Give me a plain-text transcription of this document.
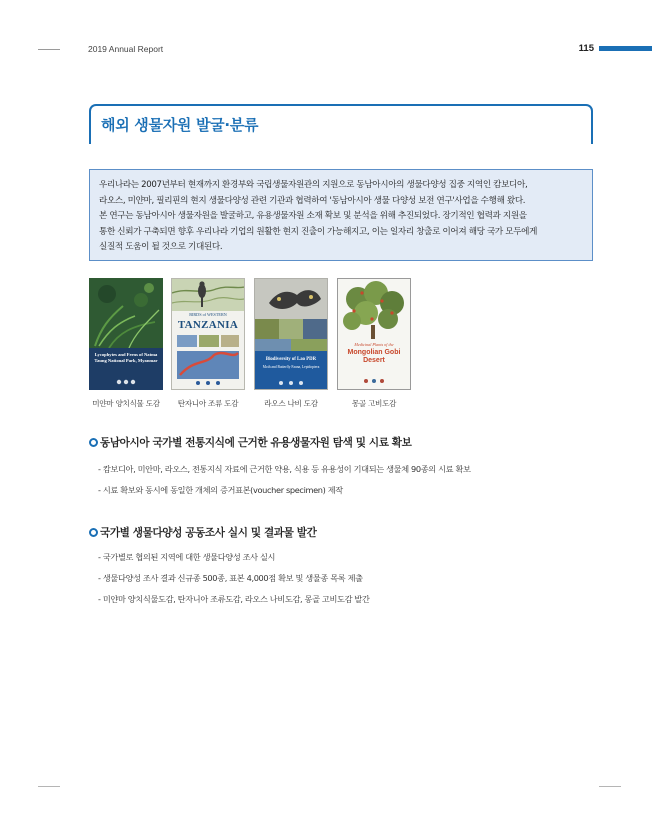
2019 Annual Report	115
해외 생물자원 발굴·분류
우리나라는 2007년부터 현재까지 환경부와 국립생물자원관의 지원으로 동남아시아의 생물다양성 집중 지역인 캄보디아,
라오스, 미얀마, 필리핀의 현지 생물다양성 관련 기관과 협력하여 '동남아시아 생물 다양성 보전 연구'사업을 수행해 왔다.
본 연구는 동남아시아 생물자원을 발굴하고, 유용생물자원 소재 확보 및 분석을 위해 추진되었다. 장기적인 협력과 지원을
통한 신뢰가 구축되면 향후 우리나라 기업의 원활한 현지 진출이 가능해지고, 이는 일자리 창출로 이어져 해당 국가 모두에게
실질적 도움이 될 것으로 기대된다.
Lycophytes and Ferns of Natma Taung National Park, Myanmar
BIRDS of WESTERN
TANZANIA
Biodiversity of Lao PDR
Moth and Butterfly Fauna, Lepidoptera
Medicinal Plants of the
Mongolian Gobi Desert
미얀마 양치식물 도감	탄자니아 조류 도감	라오스 나비 도감	몽골 고비도감
동남아시아 국가별 전통지식에 근거한 유용생물자원 탐색 및 시료 확보
- 캄보디아, 미안마, 라오스, 전통지식 자료에 근거한 약용, 식용 등 유용성이 기대되는 생물체 90종의 시료 확보
- 시료 확보와 동시에 동일한 개체의 증거표본(voucher specimen) 제작
국가별 생물다양성 공동조사 실시 및 결과물 발간
- 국가별로 협의된 지역에 대한 생물다양성 조사 실시
- 생물다양성 조사 결과 신규종 500종, 표본 4,000점 확보 및 생물종 목록 제출
- 미얀마 양치식물도감, 탄자니아 조류도감, 라오스 나비도감, 몽골 고비도감 발간
